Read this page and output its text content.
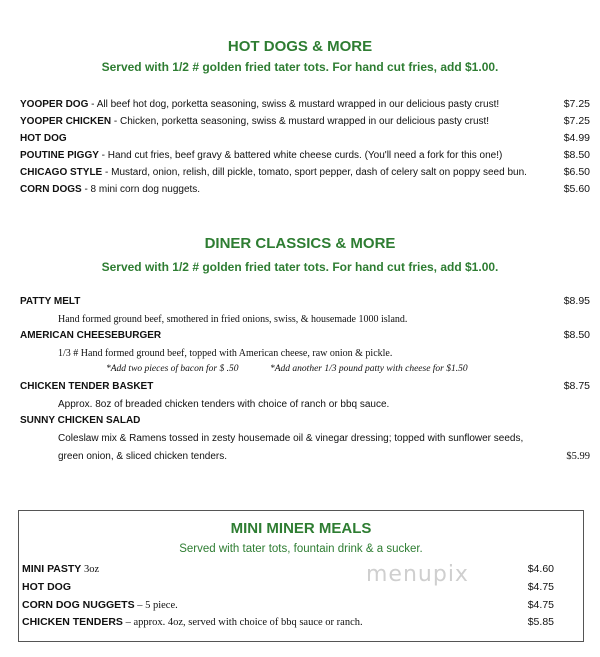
HOT DOGS & MORE
Served with 1/2 # golden fried tater tots. For hand cut fries, add $1.00.
YOOPER DOG - All beef hot dog, porketta seasoning, swiss & mustard wrapped in our delicious pasty crust!	$7.25
YOOPER CHICKEN - Chicken, porketta seasoning, swiss & mustard wrapped in our delicious pasty crust!	$7.25
HOT DOG	$4.99
POUTINE PIGGY - Hand cut fries, beef gravy & battered white cheese curds. (You'll need a fork for this one!)	$8.50
CHICAGO STYLE - Mustard, onion, relish, dill pickle, tomato, sport pepper, dash of celery salt on poppy seed bun.	$6.50
CORN DOGS - 8 mini corn dog nuggets.	$5.60
DINER CLASSICS & MORE
Served with 1/2 # golden fried tater tots. For hand cut fries, add $1.00.
PATTY MELT	$8.95
Hand formed ground beef, smothered in fried onions, swiss, & housemade 1000 island.
AMERICAN CHEESEBURGER	$8.50
1/3 # Hand formed ground beef, topped with American cheese, raw onion & pickle.
*Add two pieces of bacon for $ .50	*Add another 1/3 pound patty with cheese for $1.50
CHICKEN TENDER BASKET	$8.75
Approx. 8oz of breaded chicken tenders with choice of ranch or bbq sauce.
SUNNY CHICKEN SALAD
Coleslaw mix & Ramens tossed in zesty housemade oil & vinegar dressing; topped with sunflower seeds,
green onion, & sliced chicken tenders.	$5.99
MINI MINER MEALS
Served with tater tots, fountain drink & a sucker.
menupix
MINI PASTY 3oz	$4.60
HOT DOG	$4.75
CORN DOG NUGGETS – 5 piece.	$4.75
CHICKEN TENDERS – approx. 4oz, served with choice of bbq sauce or ranch.	$5.85
